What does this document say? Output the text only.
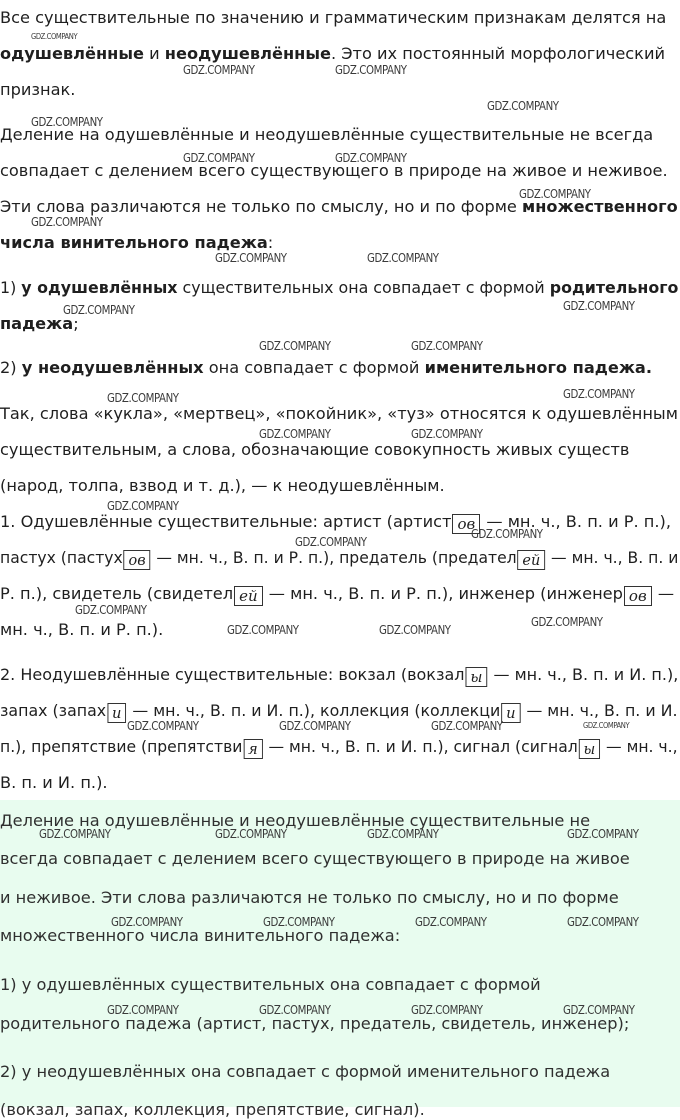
Все существительные по значению и грамматическим признакам делятся на
одушевлённые и неодушевлённые. Это их постоянный морфологический
признак.
Деление на одушевлённые и неодушевлённые существительные не всегда
совпадает с делением всего существующего в природе на живое и неживое.
Эти слова различаются не только по смыслу, но и по форме множественного
числа винительного падежа:
1) у одушевлённых существительных она совпадает с формой родительного
падежа;
2) у неодушевлённых она совпадает с формой именительного падежа.
Так, слова «кукла», «мертвец», «покойник», «туз» относятся к одушевлённым
существительным, а слова, обозначающие совокупность живых существ
(народ, толпа, взвод и т. д.), — к неодушевлённым.
1. Одушевлённые существительные: артист (артист ов — мн. ч., В. п. и Р. п.),
пастух (пастух ов — мн. ч., В. п. и Р. п.), предатель (предател ей — мн. ч., В. п. и
Р. п.), свидетель (свидетел ей — мн. ч., В. п. и Р. п.), инженер (инженер ов —
мн. ч., В. п. и Р. п.).
2. Неодушевлённые существительные: вокзал (вокзал ы — мн. ч., В. п. и И. п.),
запах (запах и — мн. ч., В. п. и И. п.), коллекция (коллекци и — мн. ч., В. п. и И.
п.), препятствие (препятстви я — мн. ч., В. п. и И. п.), сигнал (сигнал ы — мн. ч.,
В. п. и И. п.).
Деление на одушевлённые и неодушевлённые существительные не
всегда совпадает с делением всего существующего в природе на живое
и неживое. Эти слова различаются не только по смыслу, но и по форме
множественного числа винительного падежа:
1) у одушевлённых существительных она совпадает с формой
родительного падежа (артист, пастух, предатель, свидетель, инженер);
2) у неодушевлённых она совпадает с формой именительного падежа
(вокзал, запах, коллекция, препятствие, сигнал).
GDZ.COMPANY
GDZ.COMPANY	GDZ.COMPANY
GDZ.COMPANY
GDZ.COMPANY
GDZ.COMPANY	GDZ.COMPANY
GDZ.COMPANY
GDZ.COMPANY
GDZ.COMPANY	GDZ.COMPANY
GDZ.COMPANY	GDZ.COMPANY
GDZ.COMPANY	GDZ.COMPANY
GDZ.COMPANY	GDZ.COMPANY
GDZ.COMPANY	GDZ.COMPANY
GDZ.COMPANY
GDZ.COMPANY
GDZ.COMPANY
GDZ.COMPANY
GDZ.COMPANY	GDZ.COMPANY
GDZ.COMPANY
GDZ.COMPANY	GDZ.COMPANY	GDZ.COMPANY	GDZ.COMPANY
GDZ.COMPANY	GDZ.COMPANY	GDZ.COMPANY	GDZ.COMPANY
GDZ.COMPANY	GDZ.COMPANY	GDZ.COMPANY	GDZ.COMPANY
GDZ.COMPANY	GDZ.COMPANY	GDZ.COMPANY	GDZ.COMPANY
